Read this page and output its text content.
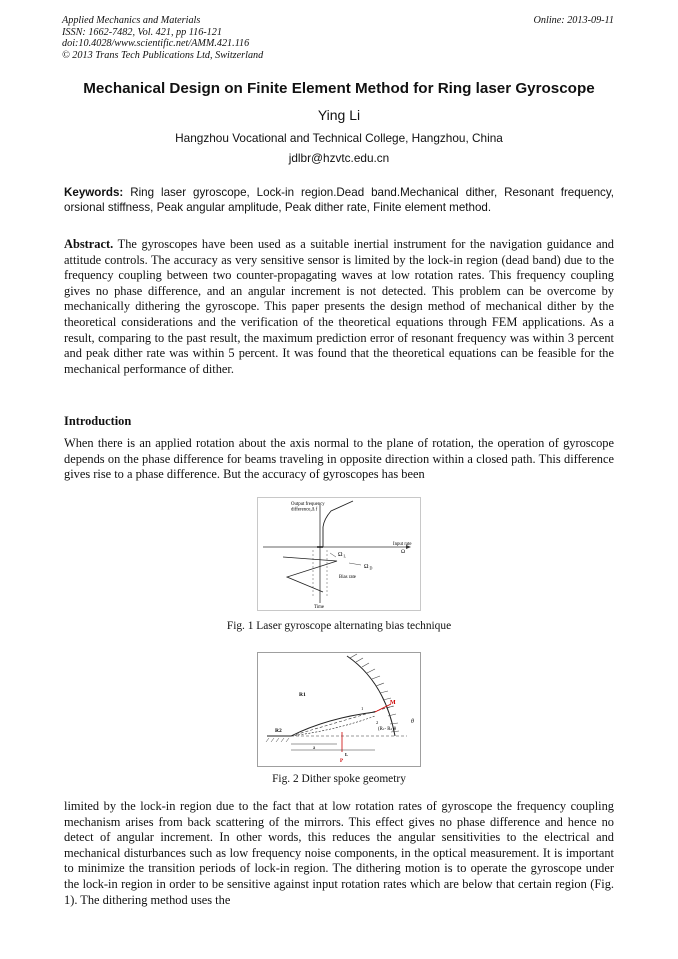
Applied Mechanics and Materials
ISSN: 1662-7482, Vol. 421, pp 116-121
doi:10.4028/www.scientific.net/AMM.421.116
© 2013 Trans Tech Publications Ltd, Switzerland
Online: 2013-09-11
Mechanical Design on Finite Element Method for Ring laser Gyroscope
Ying Li
Hangzhou Vocational and Technical College, Hangzhou, China
jdlbr@hzvtc.edu.cn
Keywords: Ring laser gyroscope, Lock-in region.Dead band.Mechanical dither, Resonant frequency, orsional stiffness, Peak angular amplitude, Peak dither rate, Finite element method.
Abstract. The gyroscopes have been used as a suitable inertial instrument for the navigation guidance and attitude controls. The accuracy as very sensitive sensor is limited by the lock-in region (dead band) due to the frequency coupling between two counter-propagating waves at low rotation rates. This frequency coupling gives no phase difference, and an angular increment is not detected. This problem can be overcome by mechanically dithering the gyroscope. This paper presents the design method of mechanical dither by the theoretical considerations and the verification of the theoretical equations through FEM applications. As a result, comparing to the past result, the maximum prediction error of resonant frequency was within 3 percent and peak dither rate was within 5 percent. It was found that the theoretical equations can be feasible for the mechanical performance of dither.
Introduction
When there is an applied rotation about the axis normal to the plane of rotation, the operation of gyroscope depends on the phase difference for beams traveling in opposite direction within a closed path. This difference gives rise to a phase difference. But the accuracy of gyroscopes has been
Output frequency
difference,Δ f
Input rate
Ω
Ω L
Ω D
Bias rate
Time
Fig. 1 Laser gyroscope alternating bias technique
R1
R2
M
θ
(R1- R2)θ
a
L
P
1
2
Fig. 2 Dither spoke geometry
limited by the lock-in region due to the fact that at low rotation rates of gyroscope the frequency coupling mechanism arises from back scattering of the mirrors. This effect gives no phase difference and hence no detect of angular increment. In other words, this reduces the angular sensitivities to the electrical and mechanical disturbances such as low frequency noise components, in the optical measurement. It is important to minimize the transition periods of lock-in region. The dithering motion is to operate the gyroscope under the lock-in region in order to be sensitive against input rotation rates which are below that certain region (Fig. 1). The dithering method uses the
